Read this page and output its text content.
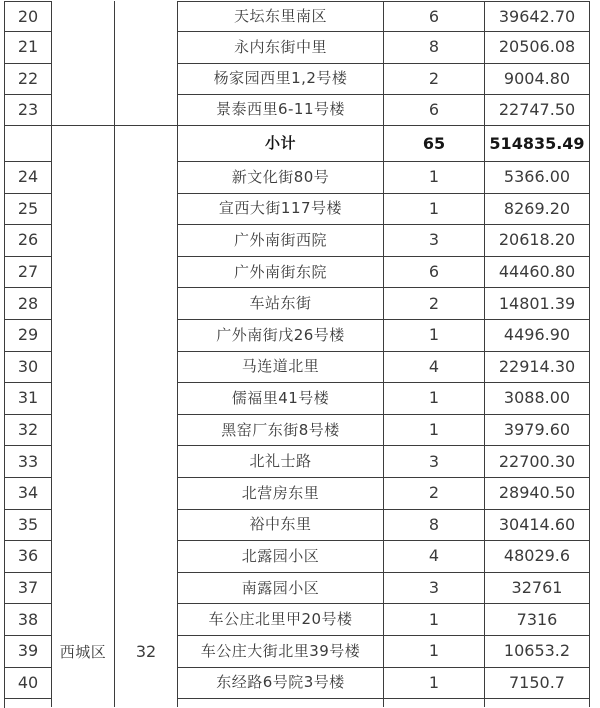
西城区	32
20	天坛东里南区	6	39642.70
21	永内东街中里	8	20506.08
22	杨家园西里1,2号楼	2	9004.80
23	景泰西里6-11号楼	6	22747.50
小计	65	514835.49
24	新文化街80号	1	5366.00
25	宣西大街117号楼	1	8269.20
26	广外南街西院	3	20618.20
27	广外南街东院	6	44460.80
28	车站东街	2	14801.39
29	广外南街戊26号楼	1	4496.90
30	马连道北里	4	22914.30
31	儒福里41号楼	1	3088.00
32	黑窑厂东街8号楼	1	3979.60
33	北礼士路	3	22700.30
34	北营房东里	2	28940.50
35	裕中东里	8	30414.60
36	北露园小区	4	48029.6
37	南露园小区	3	32761
38	车公庄北里甲20号楼	1	7316
39	车公庄大街北里39号楼	1	10653.2
40	东经路6号院3号楼	1	7150.7
